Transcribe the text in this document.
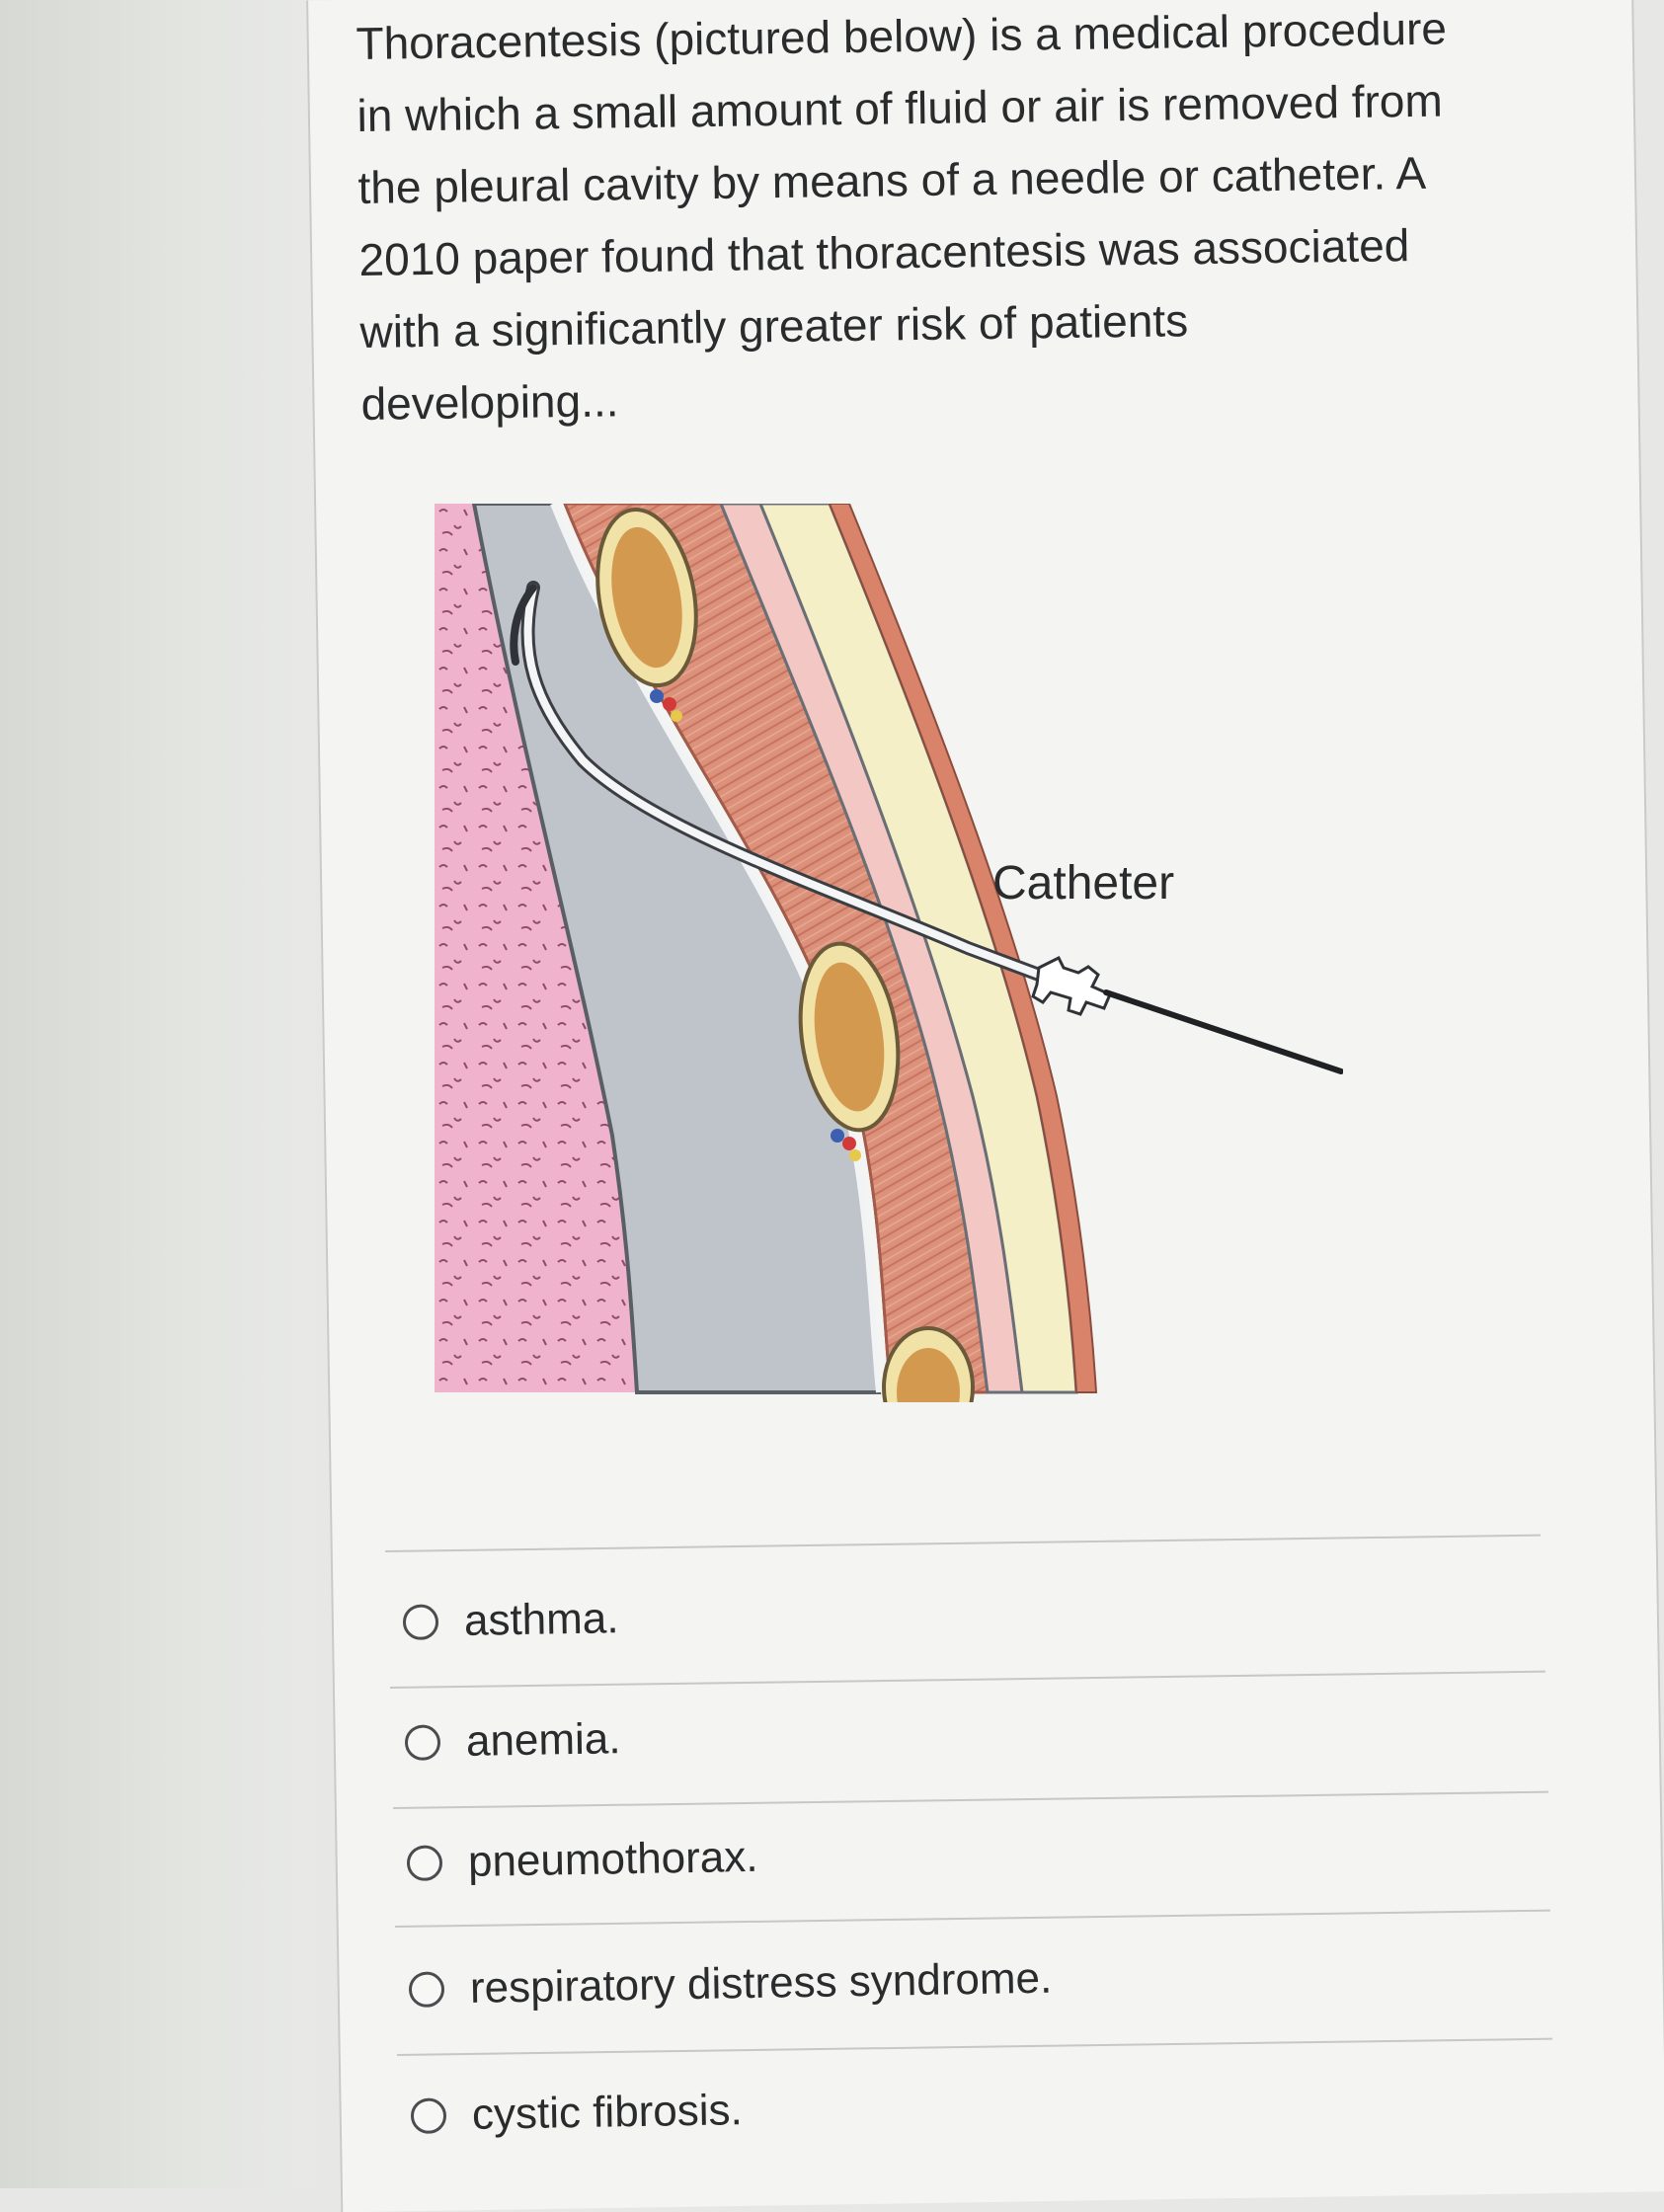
Thoracentesis (pictured below) is a medical procedure
in which a small amount of fluid or air is removed from
the pleural cavity by means of a needle or catheter. A
2010 paper found that thoracentesis was associated
with a significantly greater risk of patients
developing...
Catheter
asthma.
anemia.
pneumothorax.
respiratory distress syndrome.
cystic fibrosis.
